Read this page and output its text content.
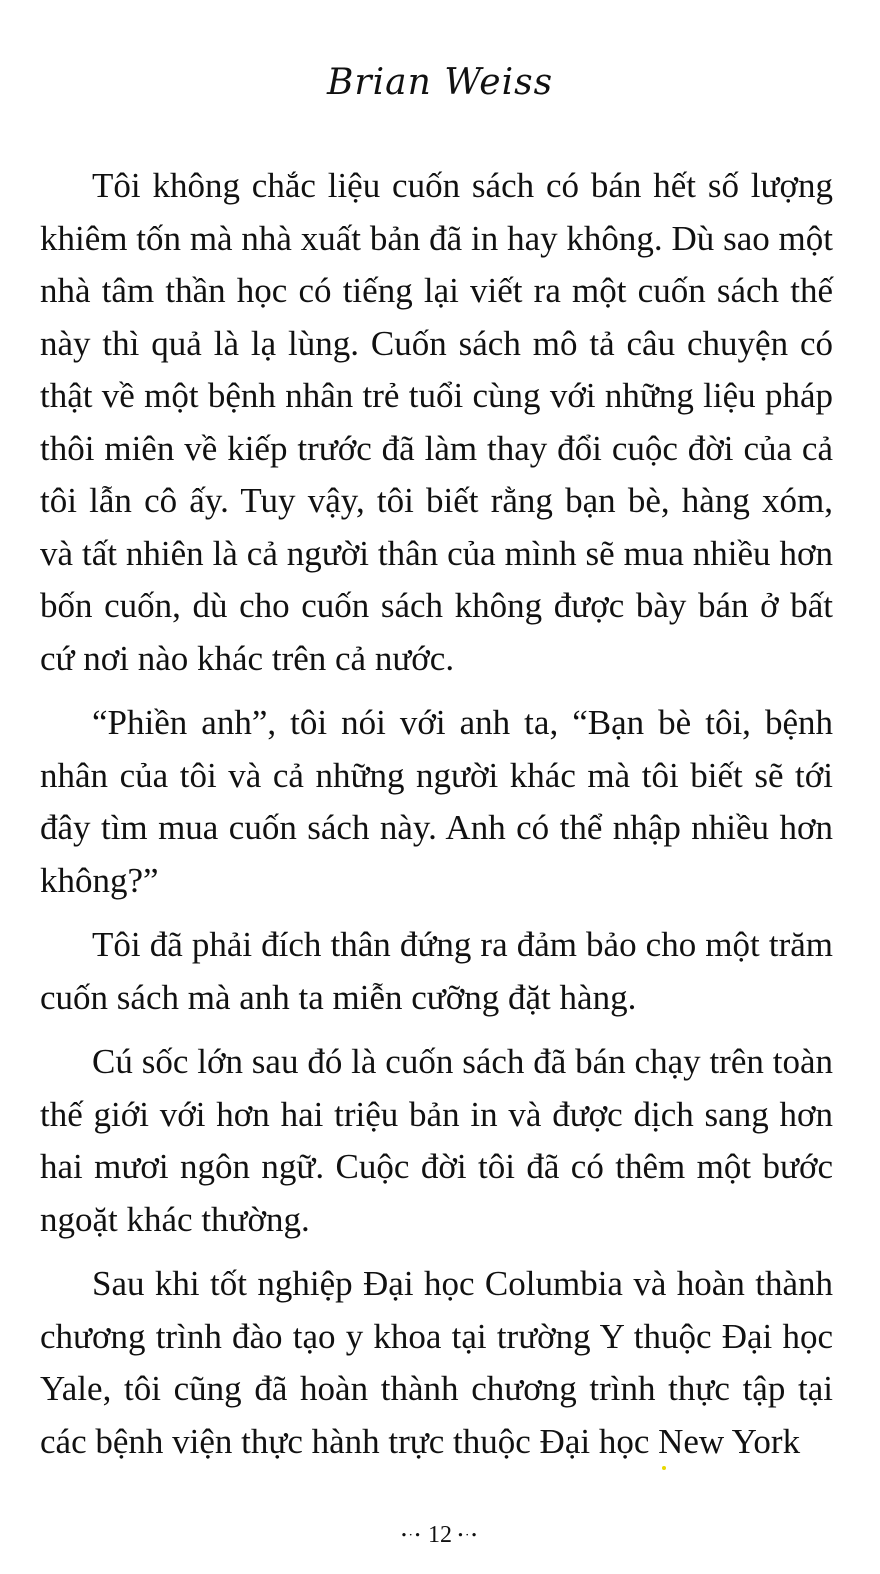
Brian Weiss

Tôi không chắc liệu cuốn sách có bán hết số lượng khiêm tốn mà nhà xuất bản đã in hay không. Dù sao một nhà tâm thần học có tiếng lại viết ra một cuốn sách thế này thì quả là lạ lùng. Cuốn sách mô tả câu chuyện có thật về một bệnh nhân trẻ tuổi cùng với những liệu pháp thôi miên về kiếp trước đã làm thay đổi cuộc đời của cả tôi lẫn cô ấy. Tuy vậy, tôi biết rằng bạn bè, hàng xóm, và tất nhiên là cả người thân của mình sẽ mua nhiều hơn bốn cuốn, dù cho cuốn sách không được bày bán ở bất cứ nơi nào khác trên cả nước.

“Phiền anh”, tôi nói với anh ta, “Bạn bè tôi, bệnh nhân của tôi và cả những người khác mà tôi biết sẽ tới đây tìm mua cuốn sách này. Anh có thể nhập nhiều hơn không?”

Tôi đã phải đích thân đứng ra đảm bảo cho một trăm cuốn sách mà anh ta miễn cưỡng đặt hàng.

Cú sốc lớn sau đó là cuốn sách đã bán chạy trên toàn thế giới với hơn hai triệu bản in và được dịch sang hơn hai mươi ngôn ngữ. Cuộc đời tôi đã có thêm một bước ngoặt khác thường.

Sau khi tốt nghiệp Đại học Columbia và hoàn thành chương trình đào tạo y khoa tại trường Y thuộc Đại học Yale, tôi cũng đã hoàn thành chương trình thực tập tại các bệnh viện thực hành trực thuộc Đại học New York

•·• 12 •·•
